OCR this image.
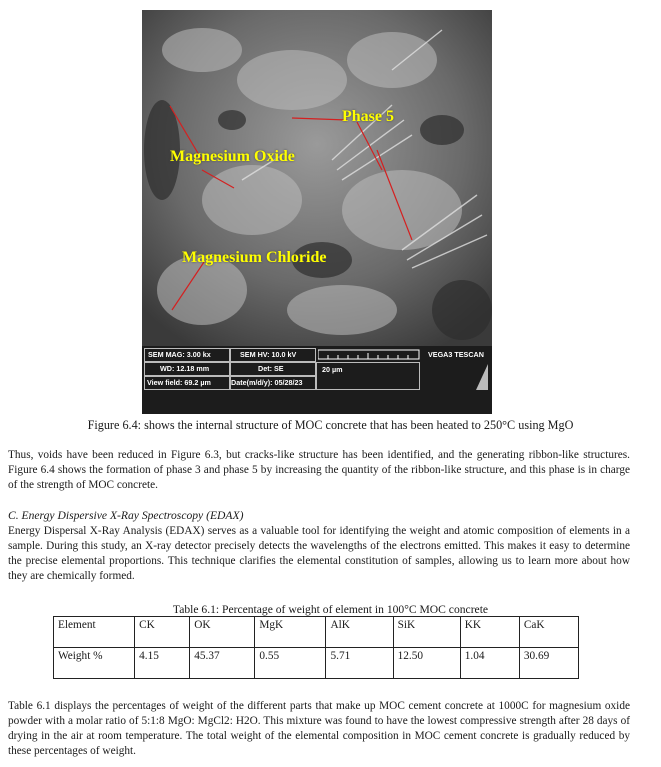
Phase 5
Magnesium Oxide
Magnesium Chloride
SEM MAG: 3.00 kx	SEM HV: 10.0 kV
WD: 12.18 mm	Det: SE
View field: 69.2 µm	Date(m/d/y): 05/28/23
20 µm
VEGA3 TESCAN
Figure 6.4: shows the internal structure of MOC concrete that has been heated to 250°C using MgO
Thus, voids have been reduced in Figure 6.3, but cracks-like structure has been identified, and the generating ribbon-like structures. Figure 6.4 shows the formation of phase 3 and phase 5 by increasing the quantity of the ribbon-like structure, and this phase is in charge of the strength of MOC concrete.
C. Energy Dispersive X-Ray Spectroscopy (EDAX)
Energy Dispersal X-Ray Analysis (EDAX) serves as a valuable tool for identifying the weight and atomic composition of elements in a sample. During this study, an X-ray detector precisely detects the wavelengths of the electrons emitted. This makes it easy to determine the precise elemental proportions. This technique clarifies the elemental constitution of samples, allowing us to learn more about how they are chemically formed.
Table 6.1: Percentage of weight of element in 100°C MOC concrete
Element	CK	OK	MgK	AlK	SiK	KK	CaK
Weight %	4.15	45.37	0.55	5.71	12.50	1.04	30.69
Table 6.1 displays the percentages of weight of the different parts that make up MOC cement concrete at 1000C for magnesium oxide powder with a molar ratio of 5:1:8 MgO: MgCl2: H2O. This mixture was found to have the lowest compressive strength after 28 days of drying in the air at room temperature. The total weight of the elemental composition in MOC cement concrete is gradually reduced by these percentages of weight.
